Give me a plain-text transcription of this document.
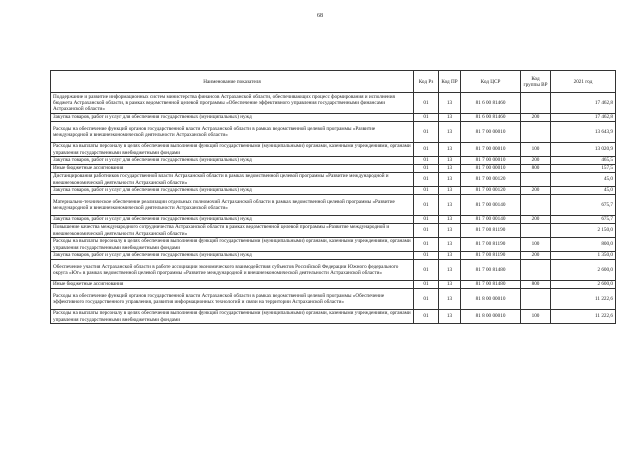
68
Наименование показателя	Код Рз	Код ПР	Код ЦСР	Код группы ВР	2021 год
Поддержание и развитие информационных систем министерства финансов Астраханской области, обеспечивающих процесс формирования и исполнения бюджета Астраханской области, в рамках ведомственной целевой программы «Обеспечение эффективного управления государственными финансами Астраханской области»	01	13	81 6 00 81460		17 462,8
Закупка товаров, работ и услуг для обеспечения государственных (муниципальных) нужд	01	13	81 6 00 81460	200	17 462,8
Расходы на обеспечение функций органов государственной власти Астраханской области в рамках ведомственной целевой программы «Развитие международной и внешнеэкономической деятельности Астраханской области»	01	13	81 7 00 00010		13 643,9
Расходы на выплаты персоналу в целях обеспечения выполнения функций государственными (муниципальными) органами, казенными учреждениями, органами управления государственными внебюджетными фондами	01	13	81 7 00 00010	100	13 020,9
Закупка товаров, работ и услуг для обеспечения государственных (муниципальных) нужд	01	13	81 7 00 00010	200	465,5
Иные бюджетные ассигнования	01	13	81 7 00 00010	800	157,5
Дистанцирования работников государственной власти Астраханской области в рамках ведомственной целевой программы «Развитие международной и внешнеэкономической деятельности Астраханской области»	01	13	81 7 00 00120		45,0
Закупка товаров, работ и услуг для обеспечения государственных (муниципальных) нужд	01	13	81 7 00 00120	200	45,0
Материально-техническое обеспечение реализации отдельных полномочий Астраханской области в рамках ведомственной целевой программы «Развитие международной и внешнеэкономической деятельности Астраханской области»	01	13	81 7 00 00140		675,7
Закупка товаров, работ и услуг для обеспечения государственных (муниципальных) нужд	01	13	81 7 00 00140	200	675,7
Повышение качества международного сотрудничества Астраханской области в рамках ведомственной целевой программы «Развитие международной и внешнеэкономической деятельности Астраханской области»	01	13	81 7 00 81190		2 150,0
Расходы на выплаты персоналу в целях обеспечения выполнения функций государственными (муниципальными) органами, казенными учреждениями, органами управления государственными внебюджетными фондами	01	13	81 7 00 81190	100	800,0
Закупка товаров, работ и услуг для обеспечения государственных (муниципальных) нужд	01	13	81 7 00 81190	200	1 350,0
Обеспечение участия Астраханской области в работе ассоциации экономического взаимодействия субъектов Российской Федерации Южного федерального округа «Юг» в рамках ведомственной целевой программы «Развитие международной и внешнеэкономической деятельности Астраханской области»	01	13	81 7 00 81480		2 600,0
Иные бюджетные ассигнования	01	13	81 7 00 81480	800	2 600,0
Расходы на обеспечение функций органов государственной власти Астраханской области в рамках ведомственной целевой программы «Обеспечение эффективного государственного управления, развития информационных технологий и связи на территории Астраханской области»	01	13	81 8 00 00010		11 222,6
Расходы на выплаты персоналу в целях обеспечения выполнения функций государственными (муниципальными) органами, казенными учреждениями, органами управления государственными внебюджетными фондами	01	13	81 8 00 00010	100	11 222,6
